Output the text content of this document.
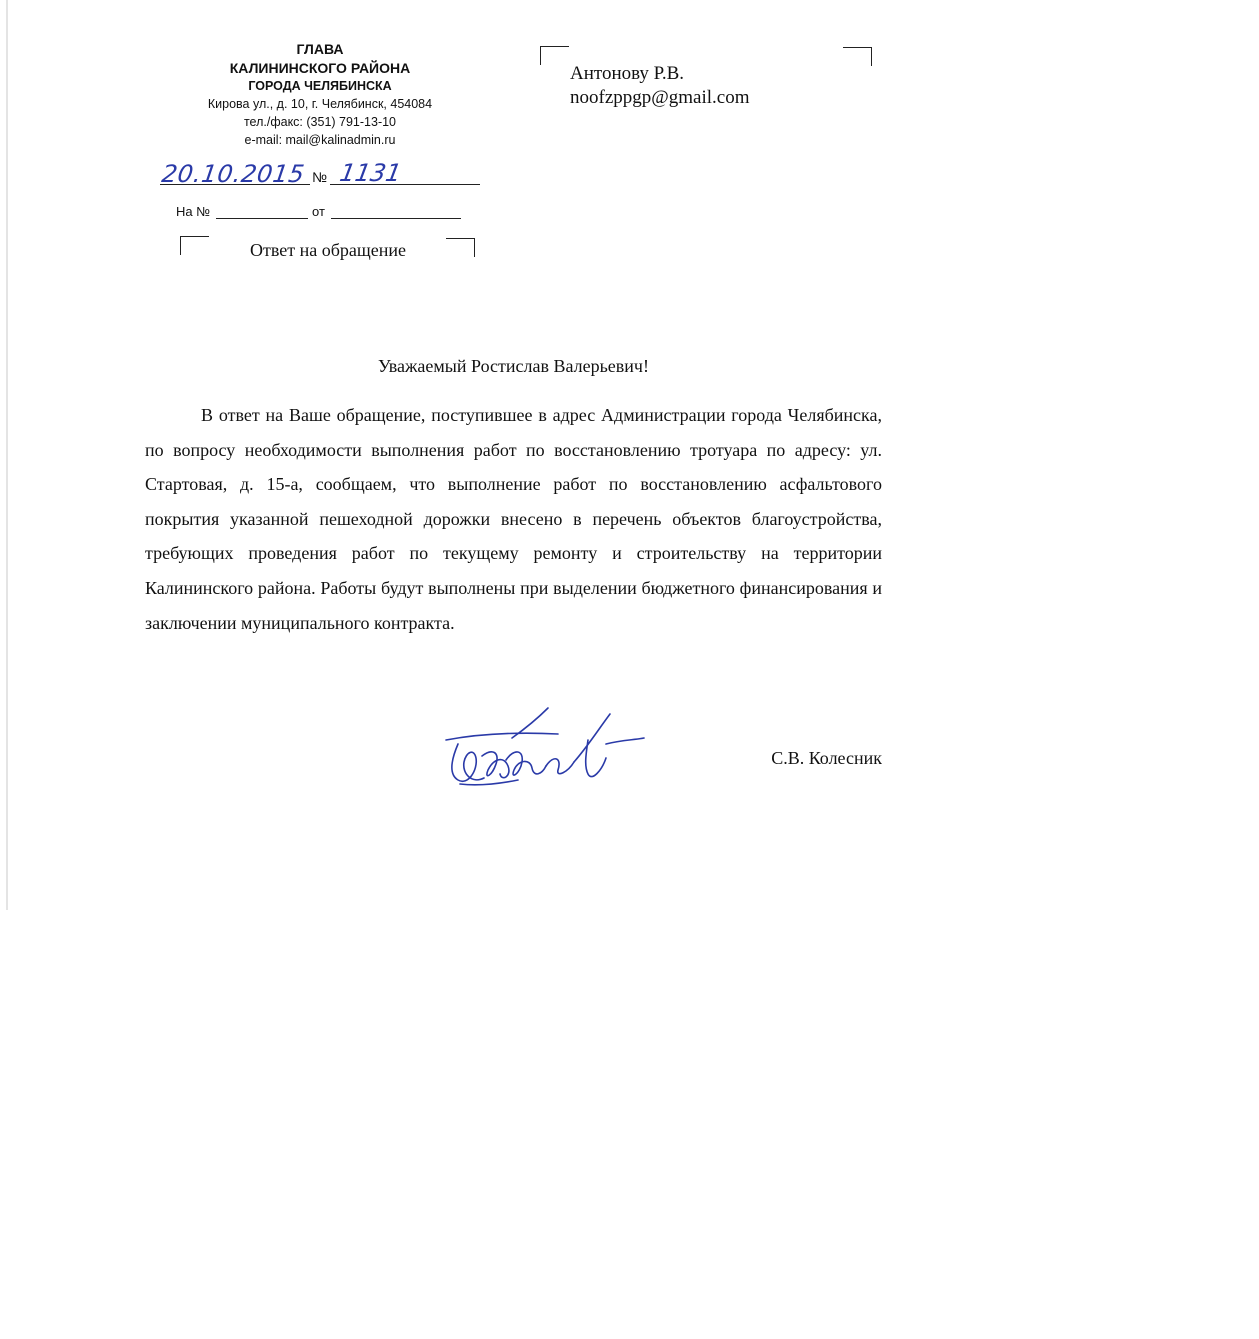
ГЛАВА
КАЛИНИНСКОГО РАЙОНА
ГОРОДА ЧЕЛЯБИНСКА
Кирова ул., д. 10, г. Челябинск, 454084
тел./факс: (351) 791-13-10
e-mail: mail@kalinadmin.ru
20.10.2015 № 1131
На №	от
Ответ на обращение
Антонову Р.В.
noofzppgp@gmail.com
Уважаемый Ростислав Валерьевич!

В ответ на Ваше обращение, поступившее в адрес Администрации города Челябинска, по вопросу необходимости выполнения работ по восстановлению тротуара по адресу: ул. Стартовая, д. 15-а, сообщаем, что выполнение работ по восстановлению асфальтового покрытия указанной пешеходной дорожки внесено в перечень объектов благоустройства, требующих проведения работ по текущему ремонту и строительству на территории Калининского района. Работы будут выполнены при выделении бюджетного финансирования и заключении муниципального контракта.

С.В. Колесник
